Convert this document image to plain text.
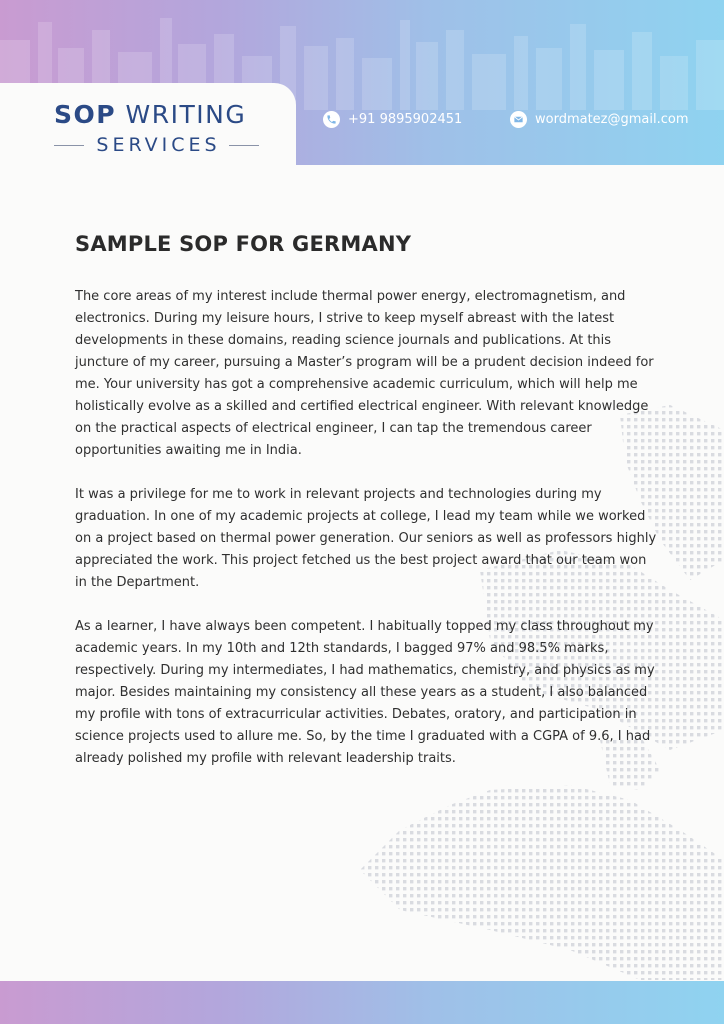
SOP WRITING
SERVICES
+91 9895902451	wordmatez@gmail.com
SAMPLE SOP FOR GERMANY

The core areas of my interest include thermal power energy, electromagnetism, and electronics. During my leisure hours, I strive to keep myself abreast with the latest developments in these domains, reading science journals and publications. At this juncture of my career, pursuing a Master’s program will be a prudent decision indeed for me. Your university has got a comprehensive academic curriculum, which will help me holistically evolve as a skilled and certified electrical engineer. With relevant knowledge on the practical aspects of electrical engineer, I can tap the tremendous career opportunities awaiting me in India.

It was a privilege for me to work in relevant projects and technologies during my graduation. In one of my academic projects at college, I lead my team while we worked on a project based on thermal power generation. Our seniors as well as professors highly appreciated the work. This project fetched us the best project award that our team won in the Department.

As a learner, I have always been competent. I habitually topped my class throughout my academic years. In my 10th and 12th standards, I bagged 97% and 98.5% marks, respectively. During my intermediates, I had mathematics, chemistry, and physics as my major. Besides maintaining my consistency all these years as a student, I also balanced my profile with tons of extracurricular activities. Debates, oratory, and participation in science projects used to allure me. So, by the time I graduated with a CGPA of 9.6, I had already polished my profile with relevant leadership traits.
